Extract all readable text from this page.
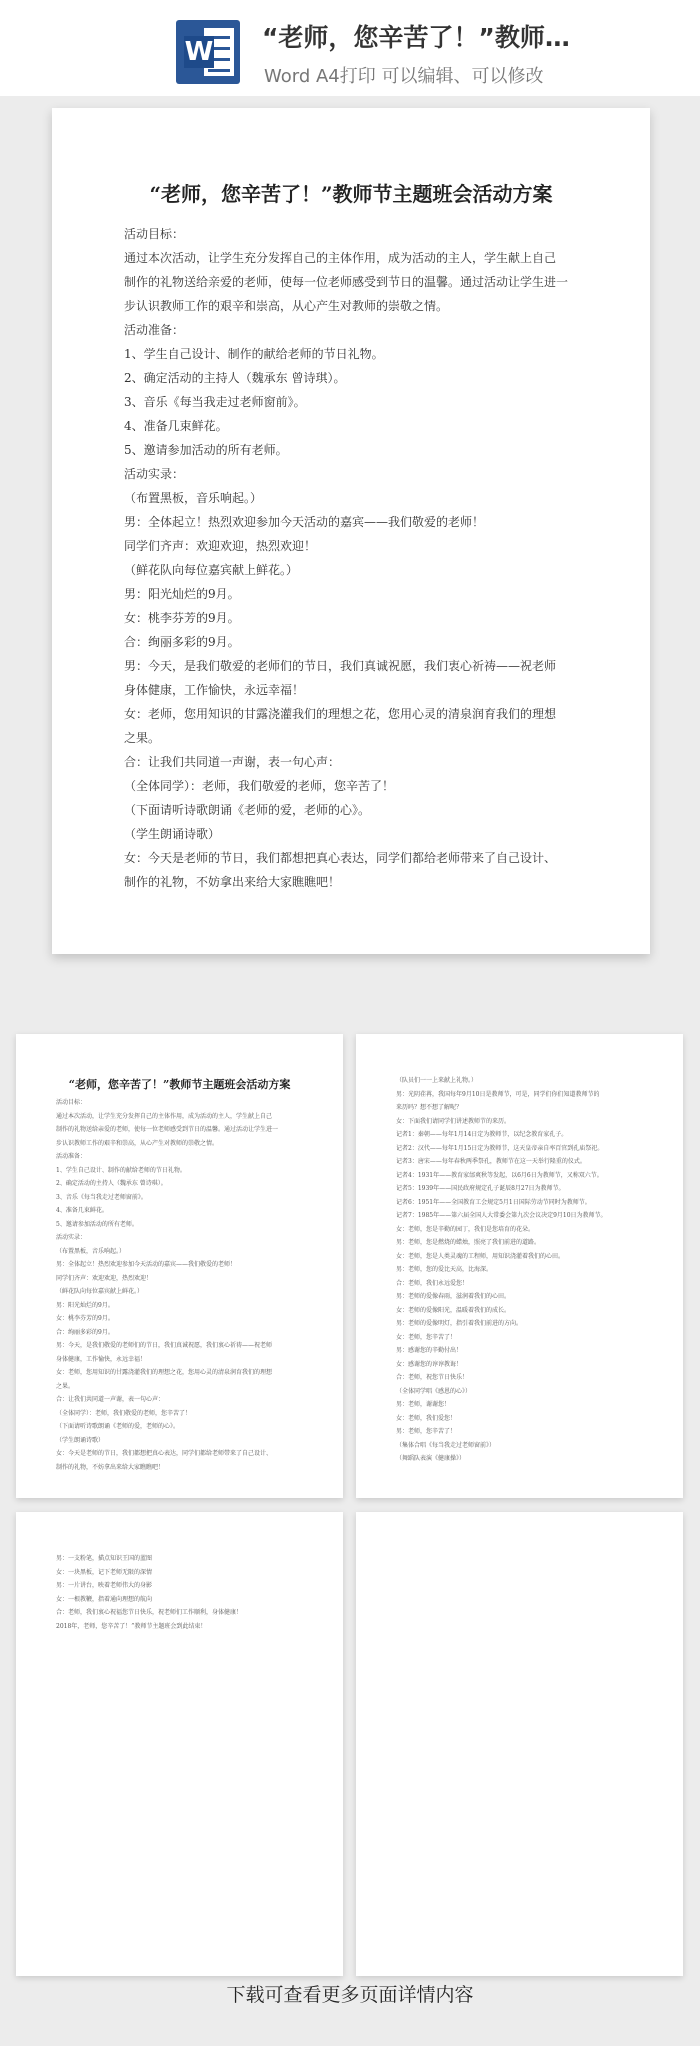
W “老师，您辛苦了！”教师…
Word A4打印 可以编辑、可以修改
“老师，您辛苦了！”教师节主题班会活动方案
活动目标：
通过本次活动，让学生充分发挥自己的主体作用，成为活动的主人，学生献上自己
制作的礼物送给亲爱的老师，使每一位老师感受到节日的温馨。通过活动让学生进一
步认识教师工作的艰辛和崇高，从心产生对教师的崇敬之情。
活动准备：
1、学生自己设计、制作的献给老师的节日礼物。
2、确定活动的主持人（魏承东 曾诗琪）。
3、音乐《每当我走过老师窗前》。
4、准备几束鲜花。
5、邀请参加活动的所有老师。
活动实录：
（布置黑板，音乐响起。）
男：全体起立！热烈欢迎参加今天活动的嘉宾——我们敬爱的老师！
同学们齐声：欢迎欢迎，热烈欢迎！
（鲜花队向每位嘉宾献上鲜花。）
男：阳光灿烂的9月。
女：桃李芬芳的9月。
合：绚丽多彩的9月。
男：今天，是我们敬爱的老师们的节日，我们真诚祝愿，我们衷心祈祷——祝老师
身体健康，工作愉快，永远幸福！
女：老师，您用知识的甘露浇灌我们的理想之花，您用心灵的清泉润育我们的理想
之果。
合：让我们共同道一声谢，表一句心声：
（全体同学）：老师，我们敬爱的老师，您辛苦了！
（下面请听诗歌朗诵《老师的爱，老师的心》。
（学生朗诵诗歌）
女：今天是老师的节日，我们都想把真心表达，同学们都给老师带来了自己设计、
制作的礼物，不妨拿出来给大家瞧瞧吧！
“老师，您辛苦了！”教师节主题班会活动方案
活动目标：
通过本次活动，让学生充分发挥自己的主体作用，成为活动的主人，学生献上自己
制作的礼物送给亲爱的老师，使每一位老师感受到节日的温馨。通过活动让学生进一
步认识教师工作的艰辛和崇高，从心产生对教师的崇敬之情。
活动准备：
1、学生自己设计、制作的献给老师的节日礼物。
2、确定活动的主持人（魏承东 曾诗琪）。
3、音乐《每当我走过老师窗前》。
4、准备几束鲜花。
5、邀请参加活动的所有老师。
活动实录：
（布置黑板，音乐响起。）
男：全体起立！热烈欢迎参加今天活动的嘉宾——我们敬爱的老师！
同学们齐声：欢迎欢迎，热烈欢迎！
（鲜花队向每位嘉宾献上鲜花。）
男：阳光灿烂的9月。
女：桃李芬芳的9月。
合：绚丽多彩的9月。
男：今天，是我们敬爱的老师们的节日，我们真诚祝愿，我们衷心祈祷——祝老师
身体健康，工作愉快，永远幸福！
女：老师，您用知识的甘露浇灌我们的理想之花，您用心灵的清泉润育我们的理想
之果。
合：让我们共同道一声谢，表一句心声：
（全体同学）：老师，我们敬爱的老师，您辛苦了！
（下面请听诗歌朗诵《老师的爱，老师的心》。
（学生朗诵诗歌）
女：今天是老师的节日，我们都想把真心表达，同学们都给老师带来了自己设计、
制作的礼物，不妨拿出来给大家瞧瞧吧！
（队员们一一上来献上礼物。）
男：光阴荏苒，我国每年9月10日是教师节，可是，同学们你们知道教师节的
来历吗？想不想了解呢？
女：下面我们请同学们讲述教师节的来历。
记者1：秦朝——每年1月14日定为教师节，以纪念教育家孔子。
记者2：汉代——每年1月15日定为教师节，这天皇帝亲自率百官到孔庙祭祀。
记者3：唐宋——每年春秋两季祭孔，教师节在这一天举行隆重的仪式。
记者4：1931年——教育家邰爽秋等发起，以6月6日为教师节，又称双六节。
记者5：1939年——国民政府规定孔子诞辰8月27日为教师节。
记者6：1951年——全国教育工会规定5月1日国际劳动节同时为教师节。
记者7：1985年——第六届全国人大常委会第九次会议决定9月10日为教师节。
女：老师，您是辛勤的园丁，我们是您培育的花朵。
男：老师，您是燃烧的蜡烛，照亮了我们前进的道路。
女：老师，您是人类灵魂的工程师，用知识浇灌着我们的心田。
男：老师，您的爱比天高，比海深。
合：老师，我们永远爱您！
男：老师的爱像春雨，滋润着我们的心田。
女：老师的爱像阳光，温暖着我们的成长。
男：老师的爱像明灯，指引着我们前进的方向。
女：老师，您辛苦了！
男：感谢您的辛勤付出！
女：感谢您的谆谆教诲！
合：老师，祝您节日快乐！
（全体同学唱《感恩的心》）
男：老师，谢谢您！
女：老师，我们爱您！
男：老师，您辛苦了！
（集体合唱《每当我走过老师窗前》）
（舞蹈队表演《健康操》）
男：一支粉笔，描点知识王国的蓝图
女：一块黑板，记下老师无限的深情
男：一片讲台，映着老师伟大的身影
女：一根教鞭，指着通向理想的航向
合：老师，我们衷心祝福您节日快乐，祝老师们工作顺利，身体健康！
2018年，老师，您辛苦了！”教师节主题班会到此结束！
下载可查看更多页面详情内容
